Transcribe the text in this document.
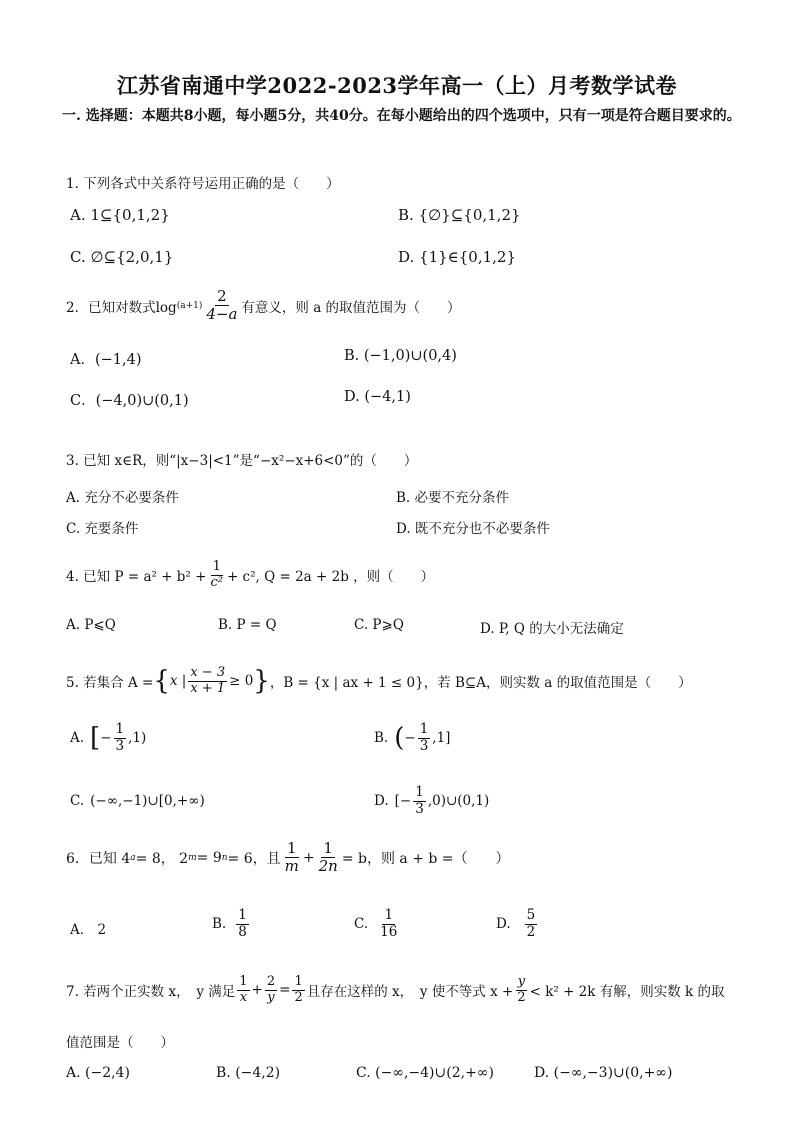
江苏省南通中学2022-2023学年高一（上）月考数学试卷
一. 选择题：本题共8小题，每小题5分，共40分。在每小题给出的四个选项中，只有一项是符合题目要求的。
1. 下列各式中关系符号运用正确的是（　　）
A. 1⊆{0,1,2}	B. {∅}⊆{0,1,2}
C. ∅⊆{2,0,1}	D. {1}∈{0,1,2}
2．已知对数式$\log (a+1) \frac{2}{4-a}$ 有意义，则 a 的取值范围为（　　）
A．(−1,4)	B. (−1,0)∪(0,4)
C．(−4,0)∪(0,1)	D. (−4,1)
3. 已知 x∈R，则“|x−3|<1”是“−x²−x+6<0”的（　　）
A. 充分不必要条件	B. 必要不充分条件
C. 充要条件	D. 既不充分也不必要条件
4. 已知 $P = a^2 + b^2 + \frac{1}{\text{c²}} + c^2$, Q = 2a + 2b ，则（　　）
A. P⩽Q	B. P = Q	C. P⩾Q	D. P, Q 的大小无法确定
5. 若集合 A = { x | $\frac{x - 3}{x + 1} \ge 0$ } ，B = {x | ax + 1 ≤ 0}，若 B⊆A，则实数 a 的取值范围是（　　）
A. [ − $\frac{1}{3} ,1$)	B. ( − $\frac{1}{3} ,1$]
C. (−∞,−1)∪[0,+∞)	D. [ − $\frac{1}{3}$ ,0)∪(0,1)
6．已知 4 a = 8， 2 m = 9 n = 6，且 $\frac{1}{m} + \frac{1}{2n} = b$，则 a + b =（　　）
A． 2	B. $\frac{1}{8}$	C. $\frac{1}{16}$	D. $\frac{5}{2}$
7. 若两个正实数 x，　y 满足 $\frac{1}{x} + \frac{2}{y} = \frac{1}{2}$ 且存在这样的 x，　y 使不等式 $x + \frac{y}{2} < k^2 + 2k$ 有解，则实数 k 的取
值范围是（　　）
A. (−2,4)	B. (−4,2)	C. (−∞,−4)∪(2,+∞)	D. (−∞,−3)∪(0,+∞)
